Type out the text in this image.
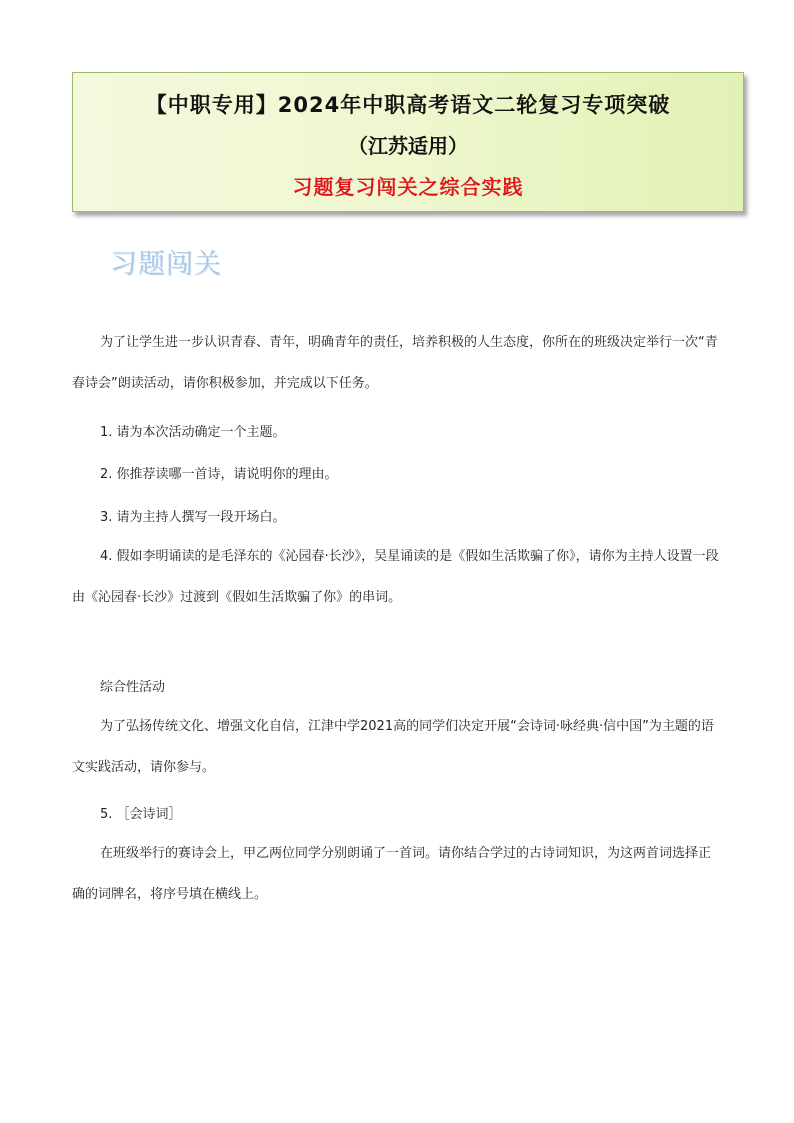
【中职专用】2024年中职高考语文二轮复习专项突破
（江苏适用）
习题复习闯关之综合实践
习题闯关

为了让学生进一步认识青春、青年，明确青年的责任，培养积极的人生态度，你所在的班级决定举行一次“青春诗会”朗读活动，请你积极参加，并完成以下任务。

1. 请为本次活动确定一个主题。
2. 你推荐读哪一首诗，请说明你的理由。
3. 请为主持人撰写一段开场白。

4. 假如李明诵读的是毛泽东的《沁园春·长沙》，吴星诵读的是《假如生活欺骗了你》，请你为主持人设置一段由《沁园春·长沙》过渡到《假如生活欺骗了你》的串词。

综合性活动

为了弘扬传统文化、增强文化自信，江津中学2021高的同学们决定开展“会诗词·咏经典·信中国”为主题的语文实践活动，请你参与。

5. ［会诗词］

在班级举行的赛诗会上，甲乙两位同学分别朗诵了一首词。请你结合学过的古诗词知识，为这两首词选择正确的词牌名，将序号填在横线上。
